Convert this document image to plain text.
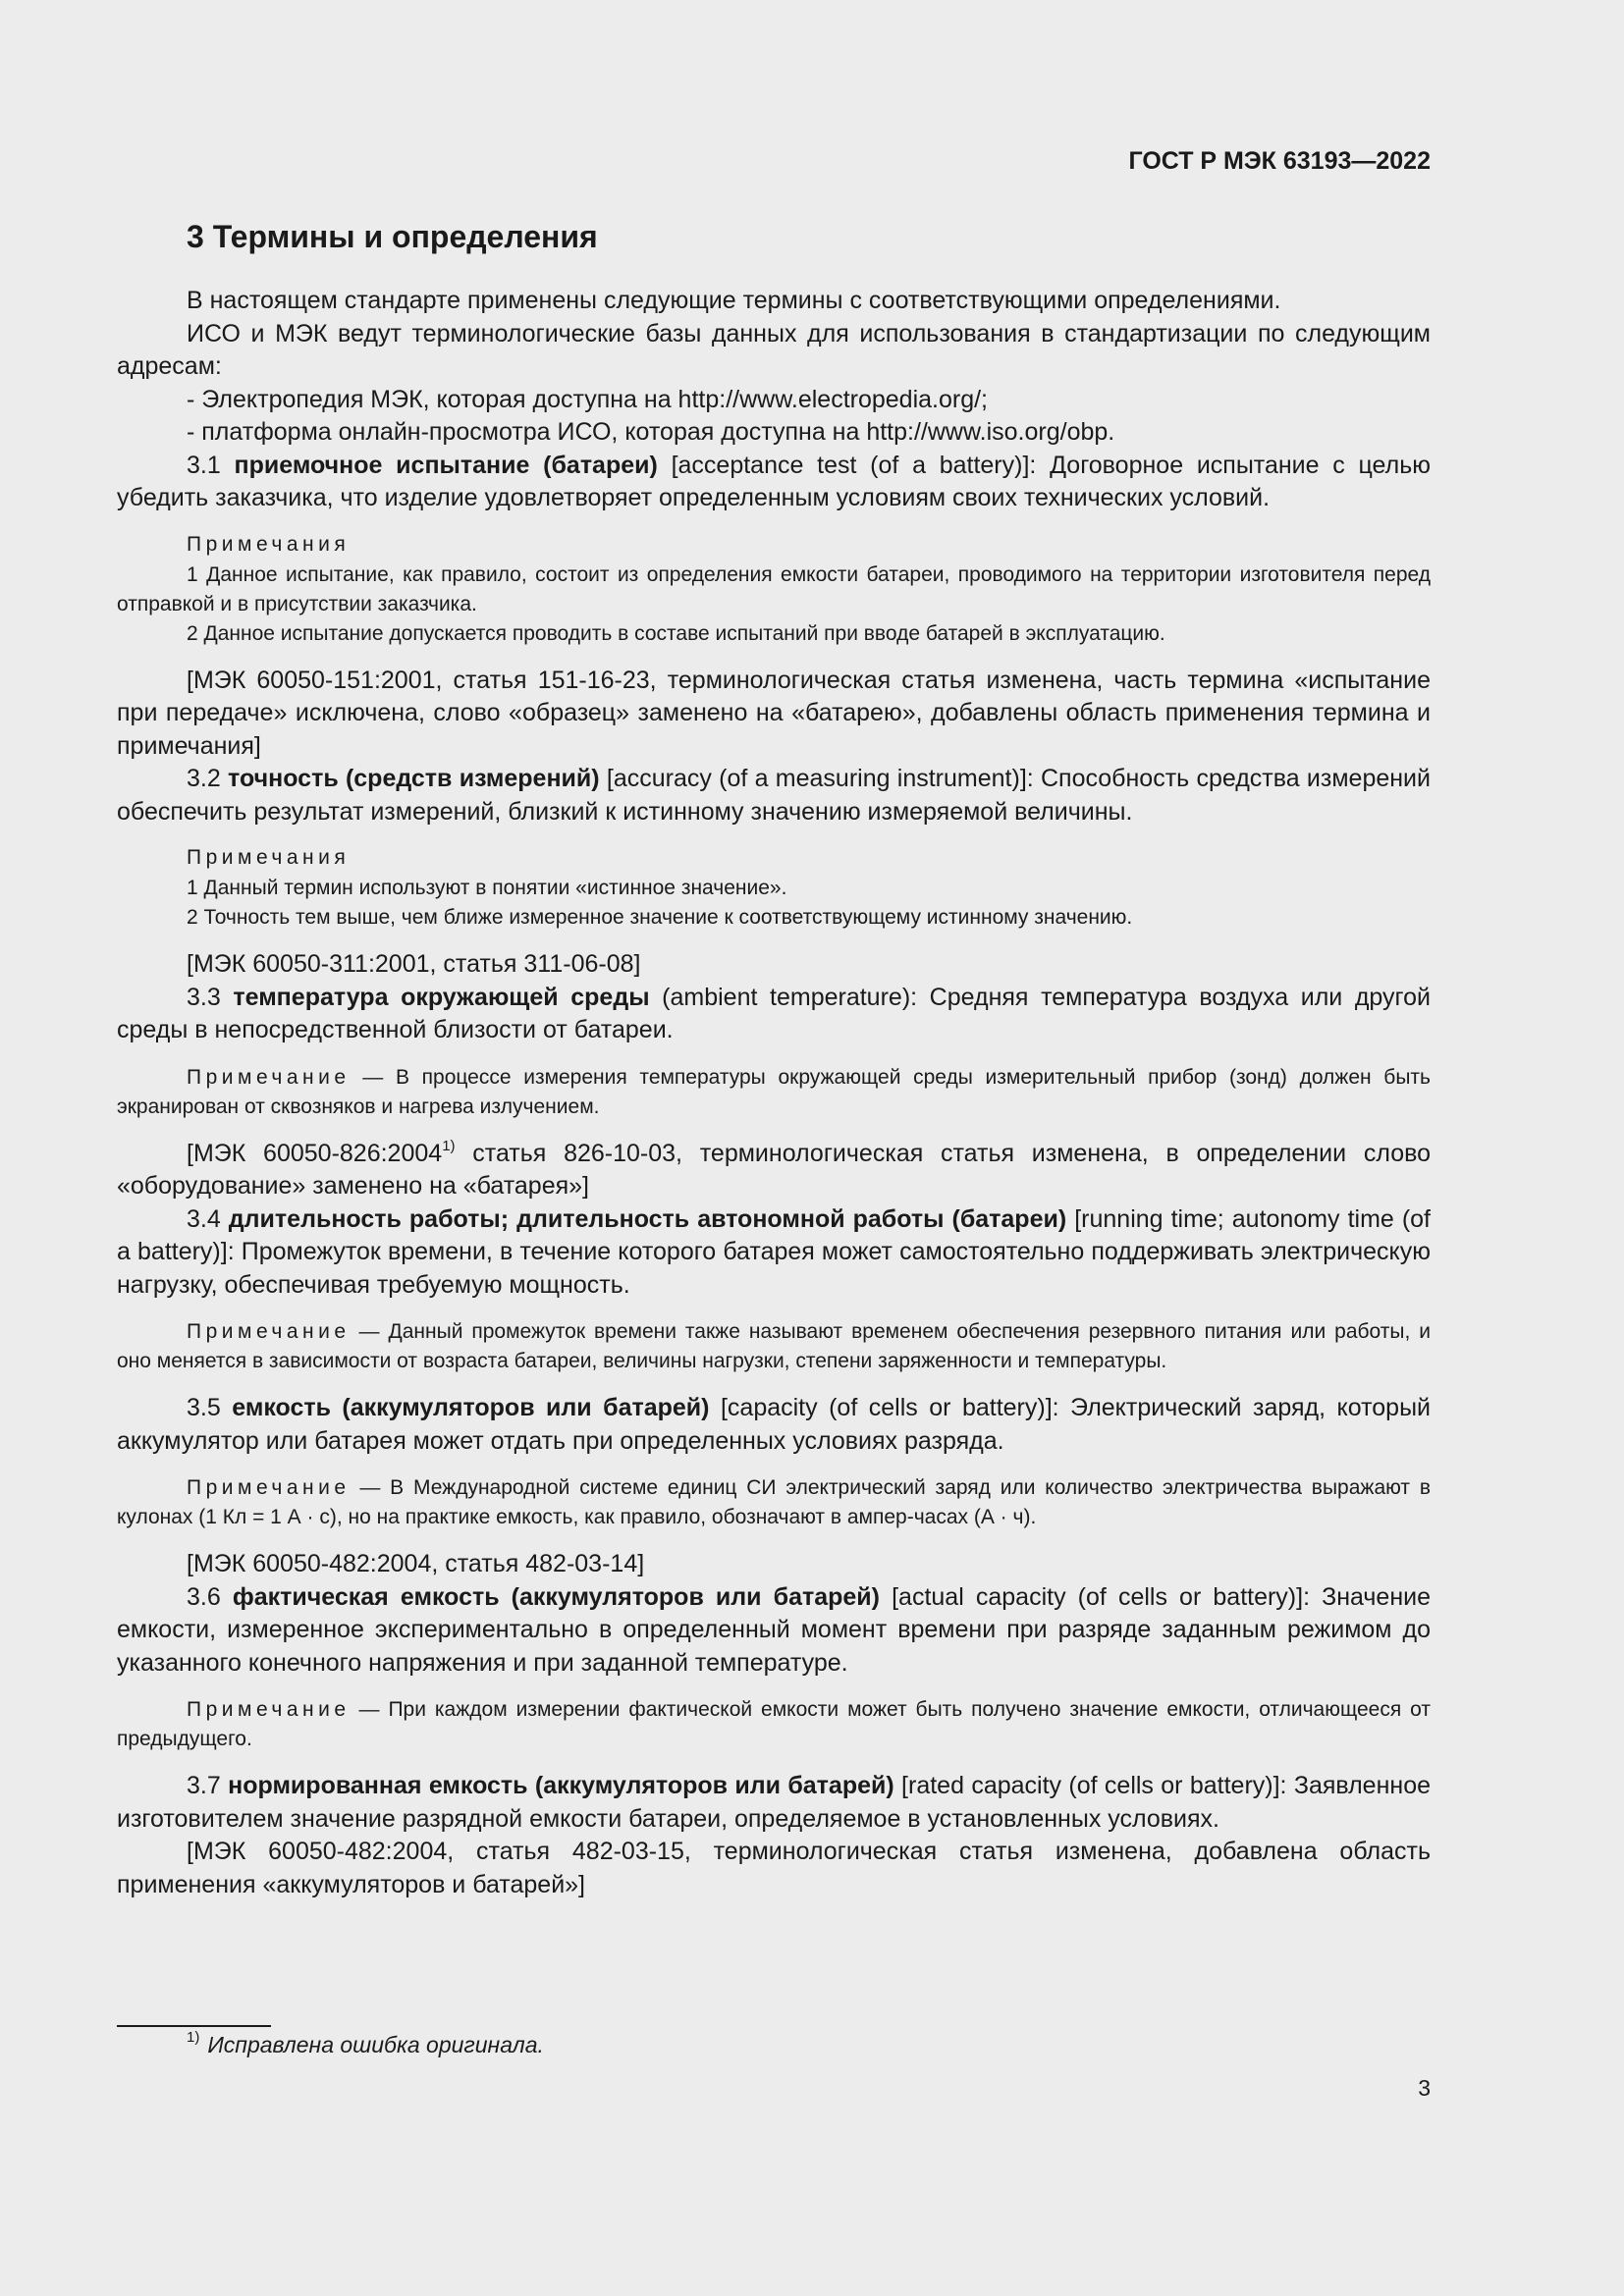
ГОСТ Р МЭК 63193—2022
3 Термины и определения

В настоящем стандарте применены следующие термины с соответствующими определениями.

ИСО и МЭК ведут терминологические базы данных для использования в стандартизации по следующим адресам:

- Электропедия МЭК, которая доступна на http://www.electropedia.org/;

- платформа онлайн-просмотра ИСО, которая доступна на http://www.iso.org/obp.

3.1 приемочное испытание (батареи) [acceptance test (of a battery)]: Договорное испытание с целью убедить заказчика, что изделие удовлетворяет определенным условиям своих технических условий.

Примечания

1 Данное испытание, как правило, состоит из определения емкости батареи, проводимого на территории изготовителя перед отправкой и в присутствии заказчика.

2 Данное испытание допускается проводить в составе испытаний при вводе батарей в эксплуатацию.

[МЭК 60050-151:2001, статья 151-16-23, терминологическая статья изменена, часть термина «испытание при передаче» исключена, слово «образец» заменено на «батарею», добавлены область применения термина и примечания]

3.2 точность (средств измерений) [accuracy (of a measuring instrument)]: Способность средства измерений обеспечить результат измерений, близкий к истинному значению измеряемой величины.

Примечания

1 Данный термин используют в понятии «истинное значение».

2 Точность тем выше, чем ближе измеренное значение к соответствующему истинному значению.

[МЭК 60050-311:2001, статья 311-06-08]

3.3 температура окружающей среды (ambient temperature): Средняя температура воздуха или другой среды в непосредственной близости от батареи.

Примечание — В процессе измерения температуры окружающей среды измерительный прибор (зонд) должен быть экранирован от сквозняков и нагрева излучением.

[МЭК 60050-826:2004$^{1)}$ статья 826-10-03, терминологическая статья изменена, в определении слово «оборудование» заменено на «батарея»]

3.4 длительность работы; длительность автономной работы (батареи) [running time; autonomy time (of a battery)]: Промежуток времени, в течение которого батарея может самостоятельно поддерживать электрическую нагрузку, обеспечивая требуемую мощность.

Примечание — Данный промежуток времени также называют временем обеспечения резервного питания или работы, и оно меняется в зависимости от возраста батареи, величины нагрузки, степени заряженности и температуры.

3.5 емкость (аккумуляторов или батарей) [capacity (of cells or battery)]: Электрический заряд, который аккумулятор или батарея может отдать при определенных условиях разряда.

Примечание — В Международной системе единиц СИ электрический заряд или количество электричества выражают в кулонах (1 Кл = 1 А · с), но на практике емкость, как правило, обозначают в ампер-часах (А · ч).

[МЭК 60050-482:2004, статья 482-03-14]

3.6 фактическая емкость (аккумуляторов или батарей) [actual capacity (of cells or battery)]: Значение емкости, измеренное экспериментально в определенный момент времени при разряде заданным режимом до указанного конечного напряжения и при заданной температуре.

Примечание — При каждом измерении фактической емкости может быть получено значение емкости, отличающееся от предыдущего.

3.7 нормированная емкость (аккумуляторов или батарей) [rated capacity (of cells or battery)]: Заявленное изготовителем значение разрядной емкости батареи, определяемое в установленных условиях.

[МЭК 60050-482:2004, статья 482-03-15, терминологическая статья изменена, добавлена область применения «аккумуляторов и батарей»]

$^{1)}$ Исправлена ошибка оригинала.
3
